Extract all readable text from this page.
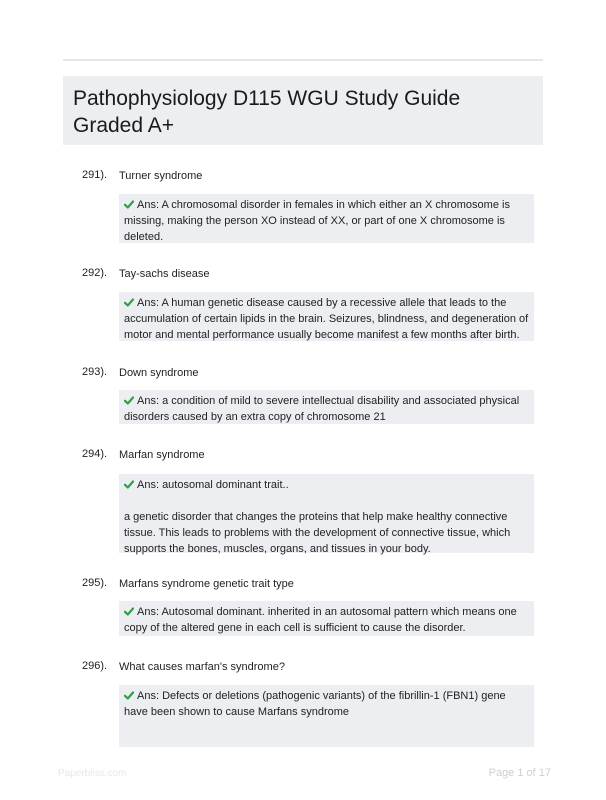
Pathophysiology D115 WGU Study Guide Graded A+
291). Turner syndrome

Ans: A chromosomal disorder in females in which either an X chromosome is missing, making the person XO instead of XX, or part of one X chromosome is deleted.

292). Tay-sachs disease

Ans: A human genetic disease caused by a recessive allele that leads to the accumulation of certain lipids in the brain. Seizures, blindness, and degeneration of motor and mental performance usually become manifest a few months after birth.

293). Down syndrome

Ans: a condition of mild to severe intellectual disability and associated physical disorders caused by an extra copy of chromosome 21

294). Marfan syndrome

Ans: autosomal dominant trait..

a genetic disorder that changes the proteins that help make healthy connective tissue. This leads to problems with the development of connective tissue, which supports the bones, muscles, organs, and tissues in your body.

295). Marfans syndrome genetic trait type

Ans: Autosomal dominant. inherited in an autosomal pattern which means one copy of the altered gene in each cell is sufficient to cause the disorder.

296). What causes marfan's syndrome?

Ans: Defects or deletions (pathogenic variants) of the fibrillin-1 (FBN1) gene have been shown to cause Marfans syndrome

Paperbliss.com	Page 1 of 17
